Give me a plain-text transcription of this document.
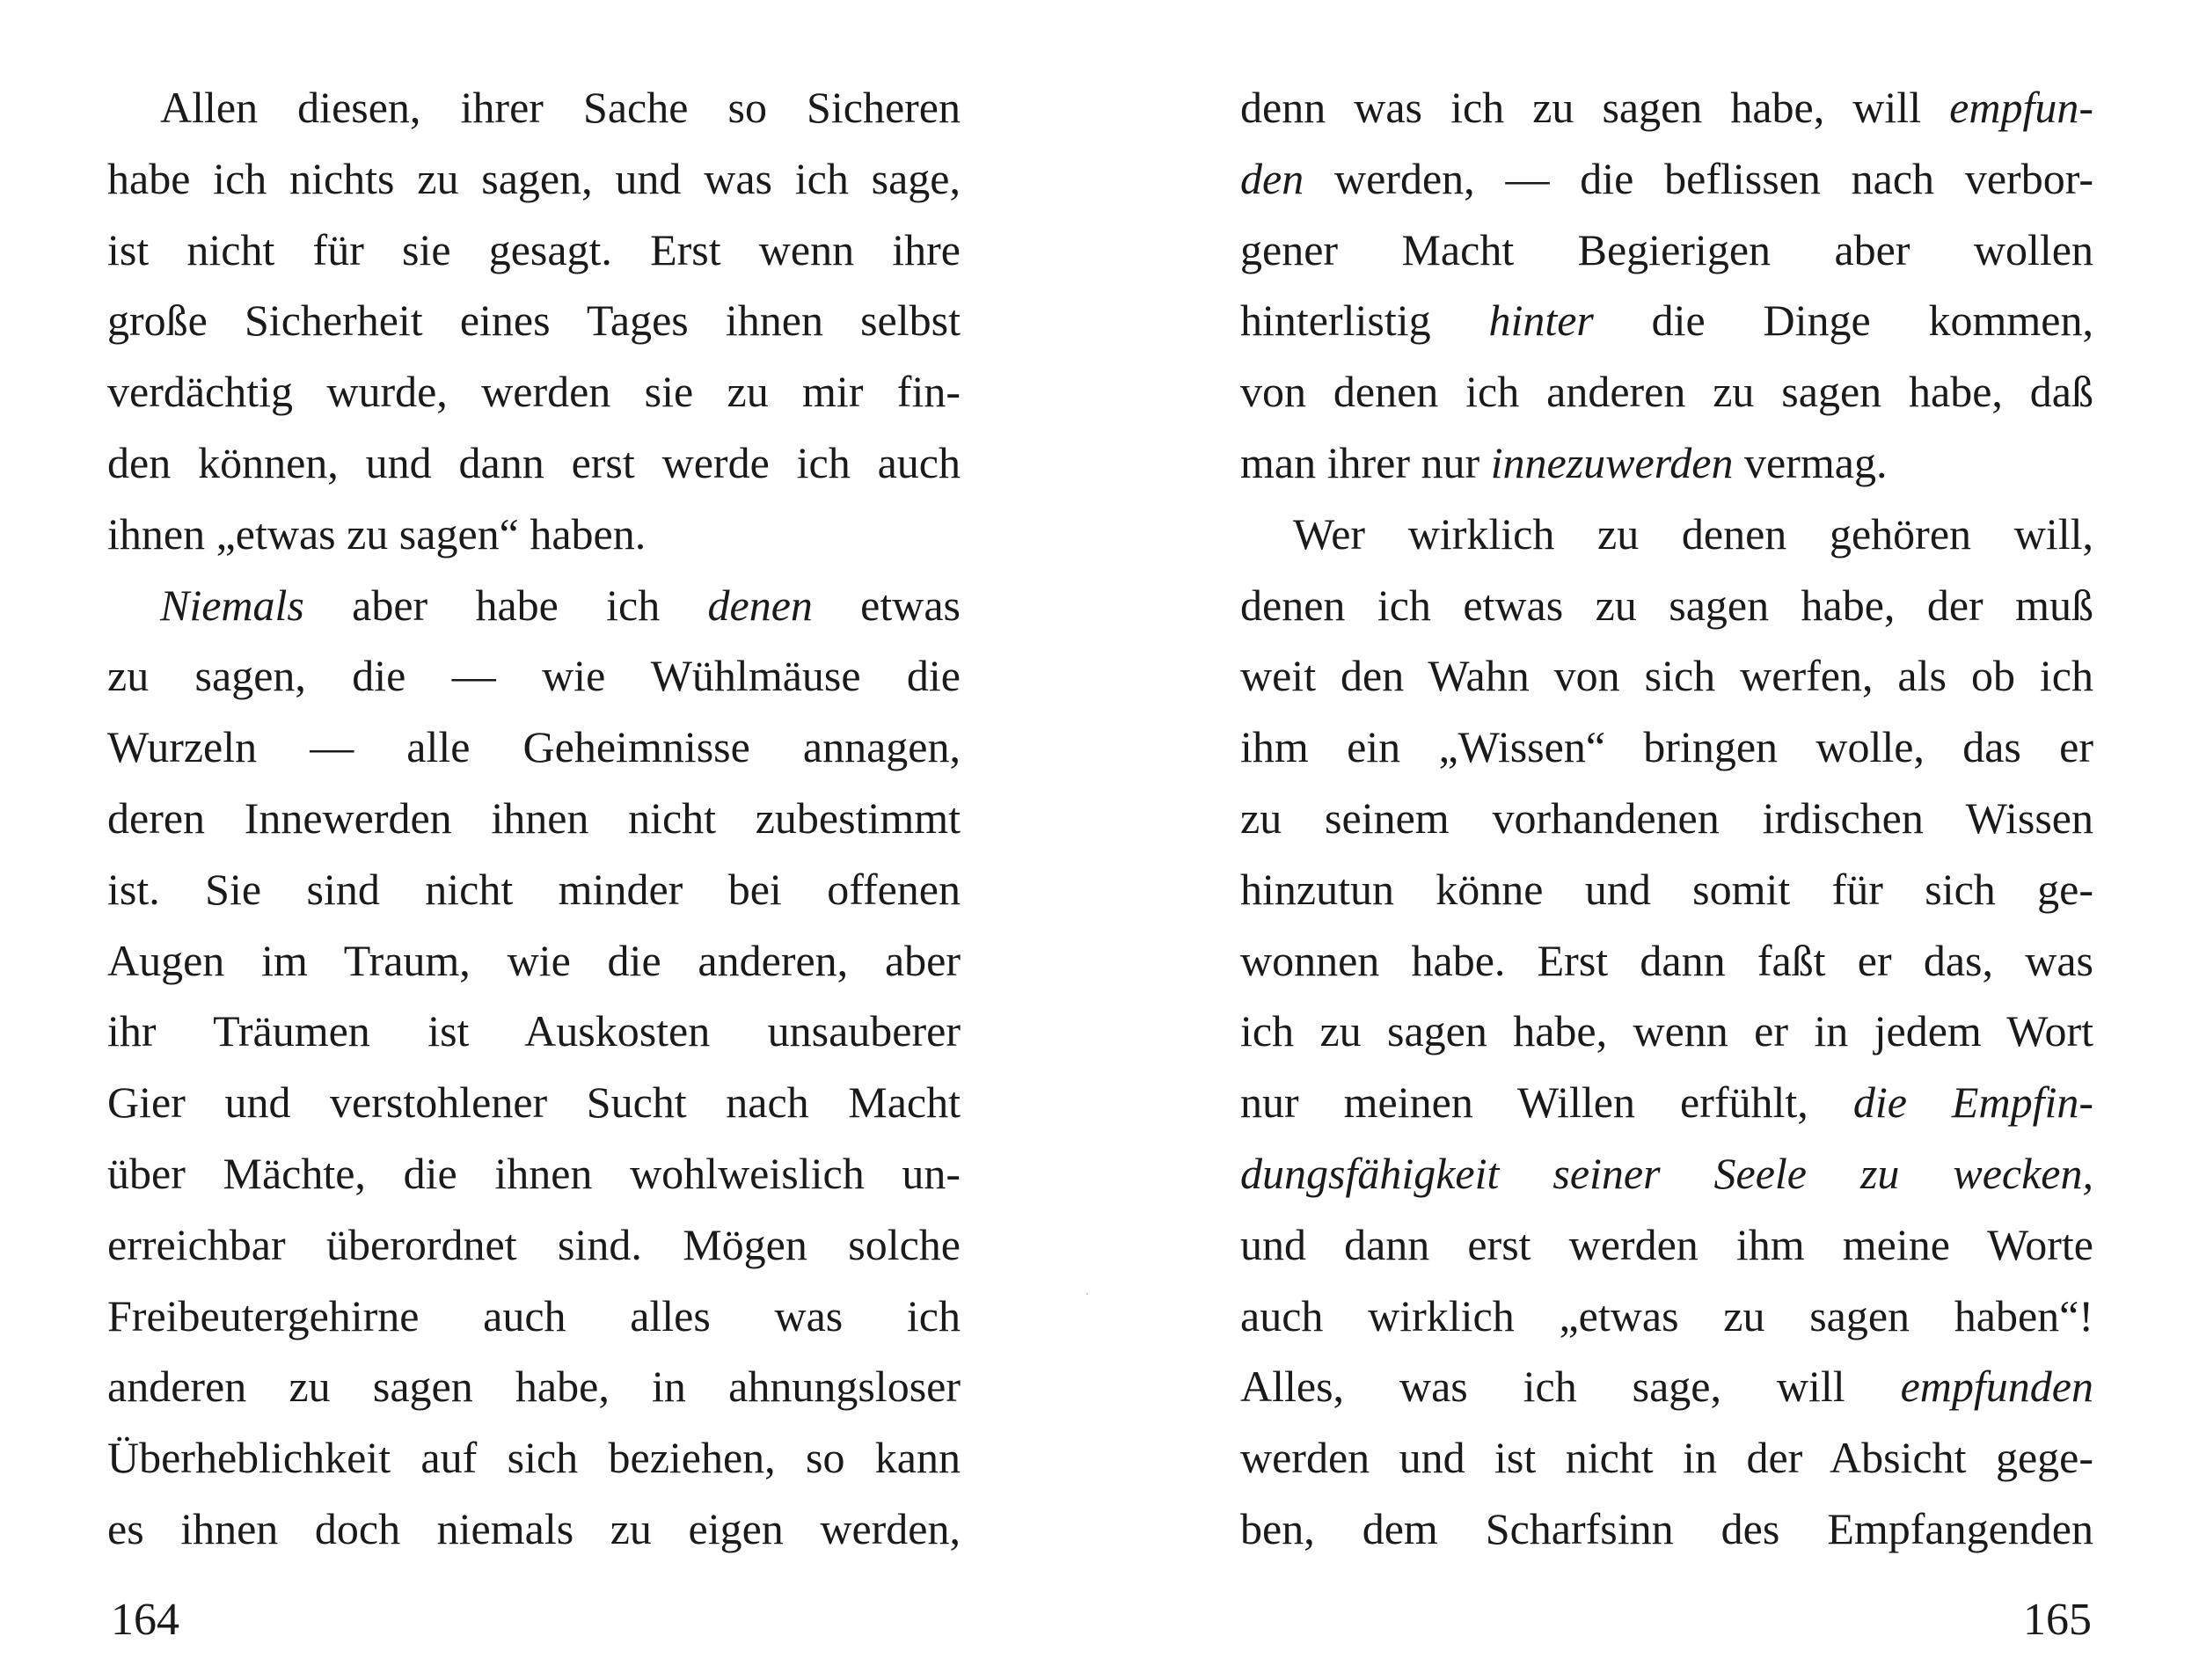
Allen diesen, ihrer Sache so Sicheren
habe ich nichts zu sagen, und was ich sage,
ist nicht für sie gesagt. Erst wenn ihre
große Sicherheit eines Tages ihnen selbst
verdächtig wurde, werden sie zu mir fin-
den können, und dann erst werde ich auch
ihnen „etwas zu sagen“ haben.
Niemals aber habe ich denen etwas
zu sagen, die — wie Wühlmäuse die
Wurzeln — alle Geheimnisse annagen,
deren Innewerden ihnen nicht zubestimmt
ist. Sie sind nicht minder bei offenen
Augen im Traum, wie die anderen, aber
ihr Träumen ist Auskosten unsauberer
Gier und verstohlener Sucht nach Macht
über Mächte, die ihnen wohlweislich un-
erreichbar überordnet sind. Mögen solche
Freibeutergehirne auch alles was ich
anderen zu sagen habe, in ahnungsloser
Überheblichkeit auf sich beziehen, so kann
es ihnen doch niemals zu eigen werden,
164
denn was ich zu sagen habe, will empfun-
den werden, — die beflissen nach verbor-
gener Macht Begierigen aber wollen
hinterlistig hinter die Dinge kommen,
von denen ich anderen zu sagen habe, daß
man ihrer nur innezuwerden vermag.
Wer wirklich zu denen gehören will,
denen ich etwas zu sagen habe, der muß
weit den Wahn von sich werfen, als ob ich
ihm ein „Wissen“ bringen wolle, das er
zu seinem vorhandenen irdischen Wissen
hinzutun könne und somit für sich ge-
wonnen habe. Erst dann faßt er das, was
ich zu sagen habe, wenn er in jedem Wort
nur meinen Willen erfühlt, die Empfin-
dungsfähigkeit seiner Seele zu wecken,
und dann erst werden ihm meine Worte
auch wirklich „etwas zu sagen haben“!
Alles, was ich sage, will empfunden
werden und ist nicht in der Absicht gege-
ben, dem Scharfsinn des Empfangenden
165
